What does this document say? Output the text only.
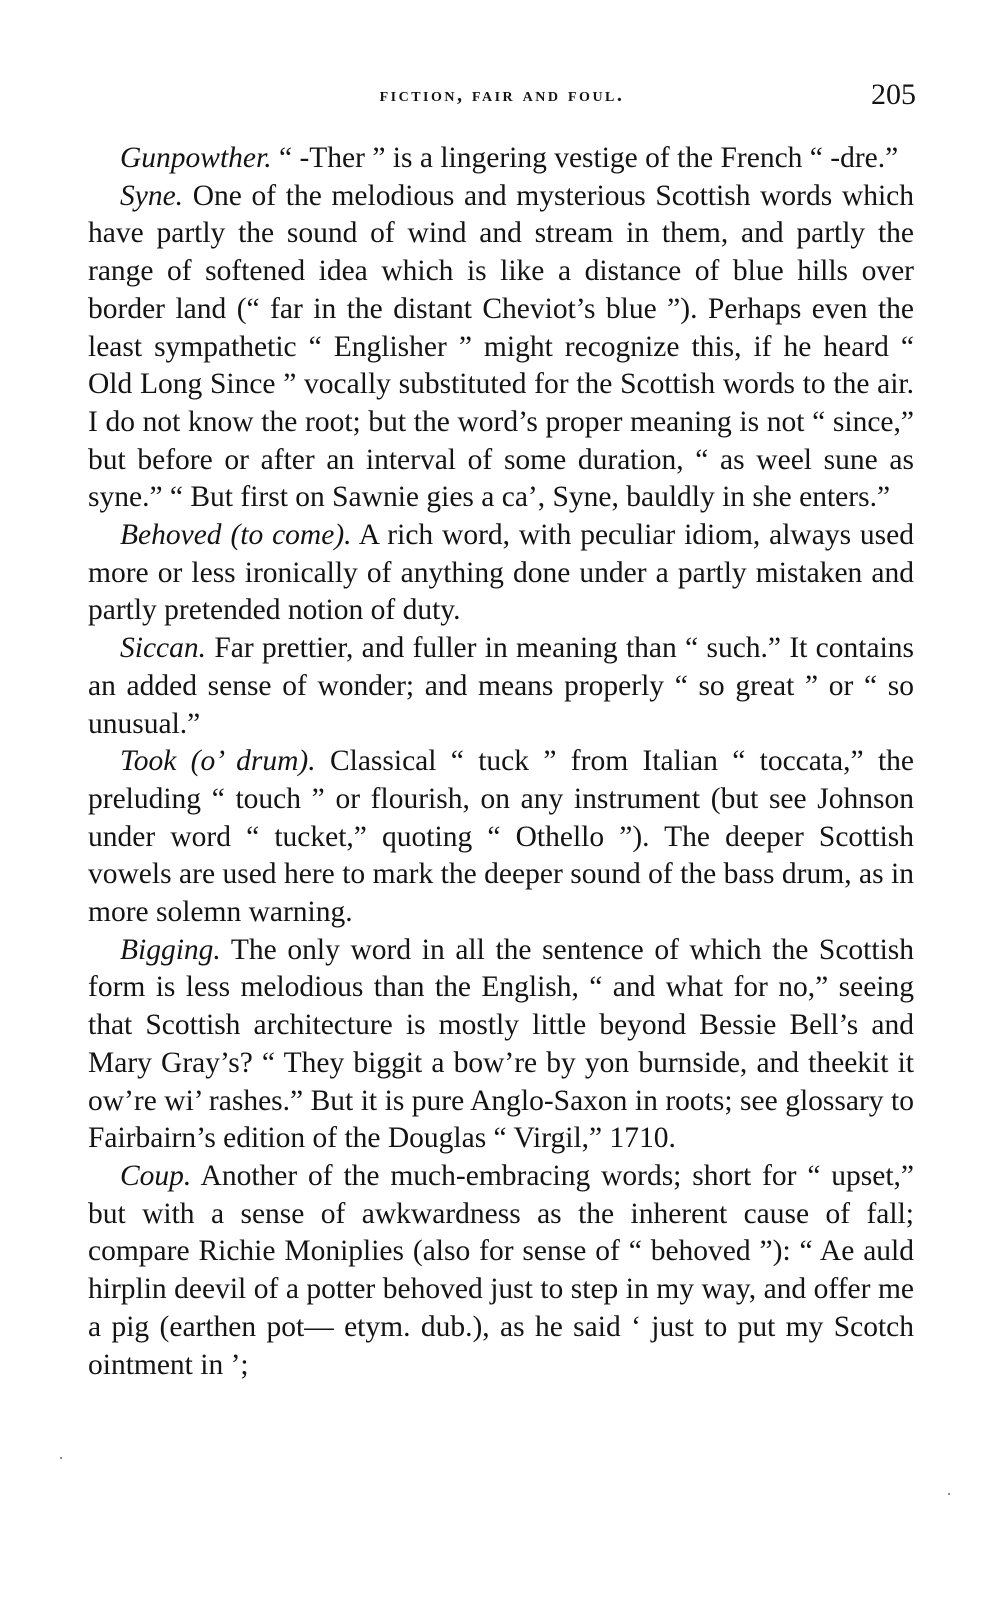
fiction, fair and foul.	205

Gunpowther. “ -Ther ” is a lingering vestige of the French “ -dre.”

Syne. One of the melodious and mysterious Scottish words which have partly the sound of wind and stream in them, and partly the range of softened idea which is like a distance of blue hills over border land (“ far in the distant Cheviot’s blue ”). Perhaps even the least sympathetic “ Englisher ” might recognize this, if he heard “ Old Long Since ” vocally substituted for the Scottish words to the air. I do not know the root; but the word’s proper meaning is not “ since,” but before or after an interval of some duration, “ as weel sune as syne.” “ But first on Sawnie gies a ca’, Syne, bauldly in she enters.”

Behoved (to come). A rich word, with peculiar idiom, always used more or less ironically of anything done under a partly mistaken and partly pretended notion of duty.

Siccan. Far prettier, and fuller in meaning than “ such.” It contains an added sense of wonder; and means properly “ so great ” or “ so unusual.”

Took (o’ drum). Classical “ tuck ” from Italian “ toccata,” the preluding “ touch ” or flourish, on any instrument (but see Johnson under word “ tucket,” quoting “ Othello ”). The deeper Scottish vowels are used here to mark the deeper sound of the bass drum, as in more solemn warning.

Bigging. The only word in all the sentence of which the Scottish form is less melodious than the English, “ and what for no,” seeing that Scottish architecture is mostly little beyond Bessie Bell’s and Mary Gray’s? “ They biggit a bow’re by yon burnside, and theekit it ow’re wi’ rashes.” But it is pure Anglo-Saxon in roots; see glossary to Fairbairn’s edition of the Douglas “ Virgil,” 1710.

Coup. Another of the much-embracing words; short for “ upset,” but with a sense of awkwardness as the inherent cause of fall; compare Richie Moniplies (also for sense of “ behoved ”): “ Ae auld hirplin deevil of a potter behoved just to step in my way, and offer me a pig (earthen pot— etym. dub.), as he said ‘ just to put my Scotch ointment in ’;

·
·
